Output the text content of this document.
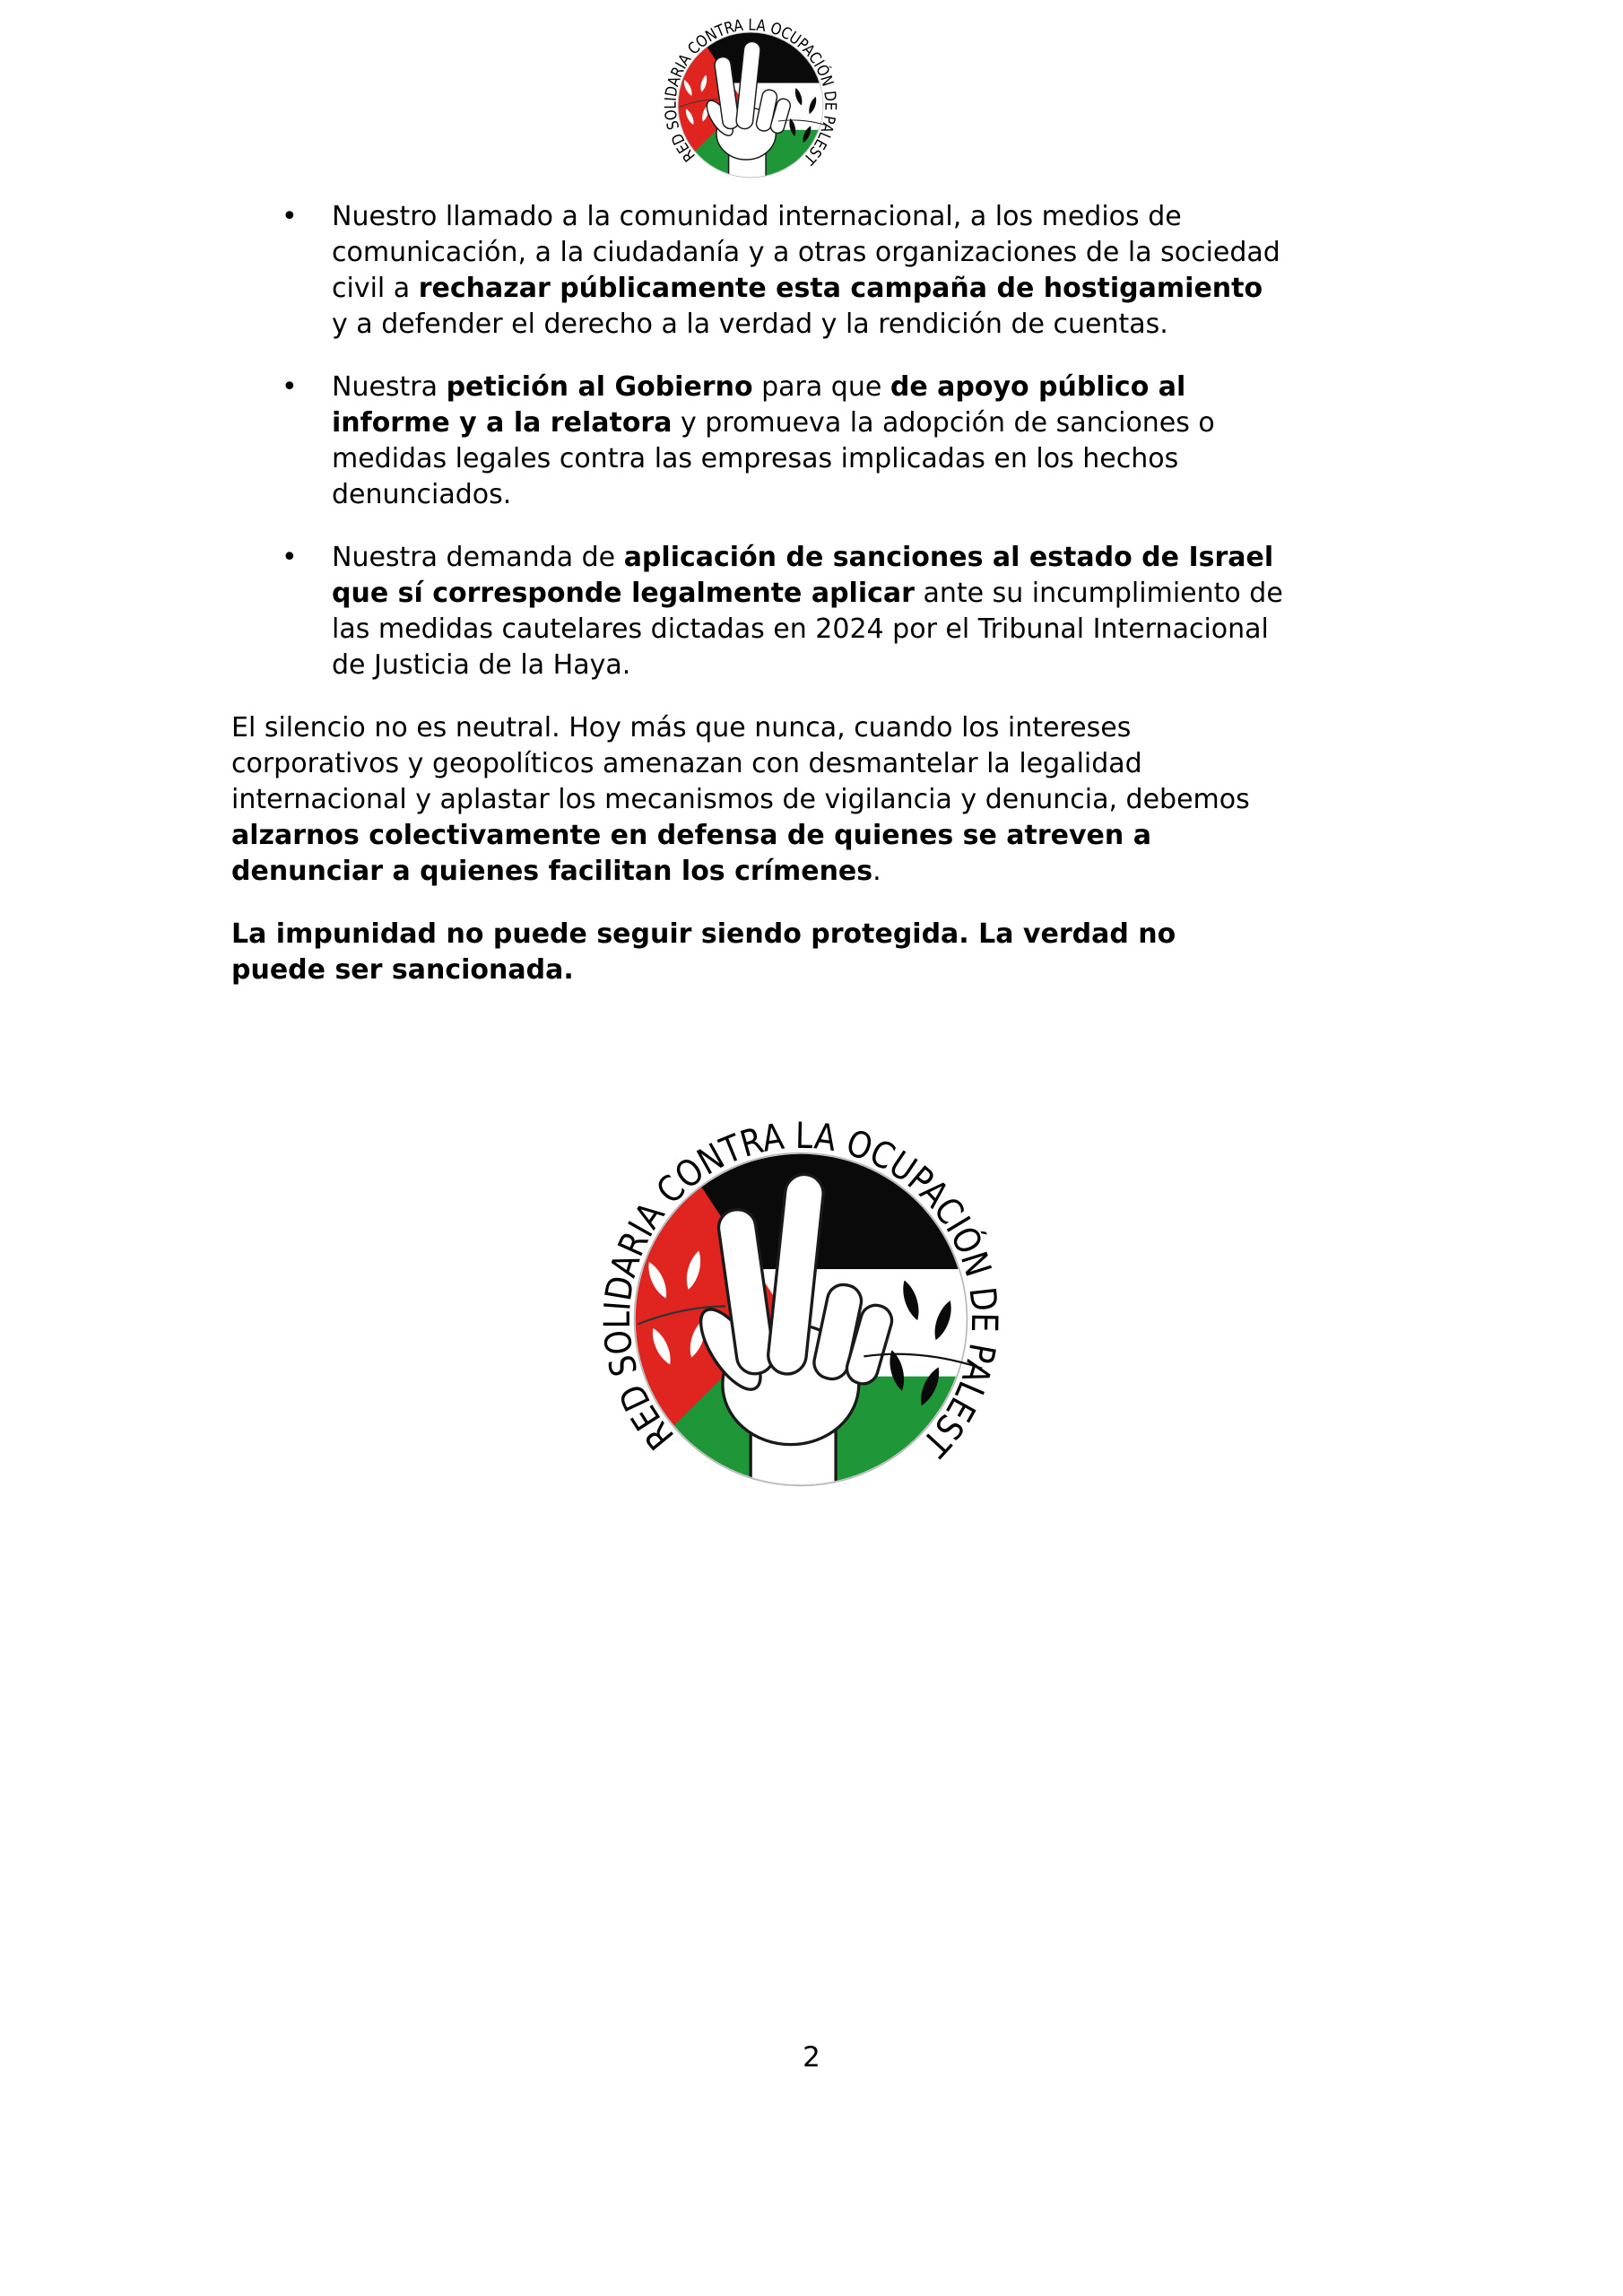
• Nuestro llamado a la comunidad internacional, a los medios de
comunicación, a la ciudadanía y a otras organizaciones de la sociedad
civil a rechazar públicamente esta campaña de hostigamiento
y a defender el derecho a la verdad y la rendición de cuentas.
• Nuestra petición al Gobierno para que de apoyo público al
informe y a la relatora y promueva la adopción de sanciones o
medidas legales contra las empresas implicadas en los hechos
denunciados.
• Nuestra demanda de aplicación de sanciones al estado de Israel
que sí corresponde legalmente aplicar ante su incumplimiento de
las medidas cautelares dictadas en 2024 por el Tribunal Internacional
de Justicia de la Haya.
El silencio no es neutral. Hoy más que nunca, cuando los intereses
corporativos y geopolíticos amenazan con desmantelar la legalidad
internacional y aplastar los mecanismos de vigilancia y denuncia, debemos
alzarnos colectivamente en defensa de quienes se atreven a
denunciar a quienes facilitan los crímenes.
La impunidad no puede seguir siendo protegida. La verdad no
puede ser sancionada.
2
